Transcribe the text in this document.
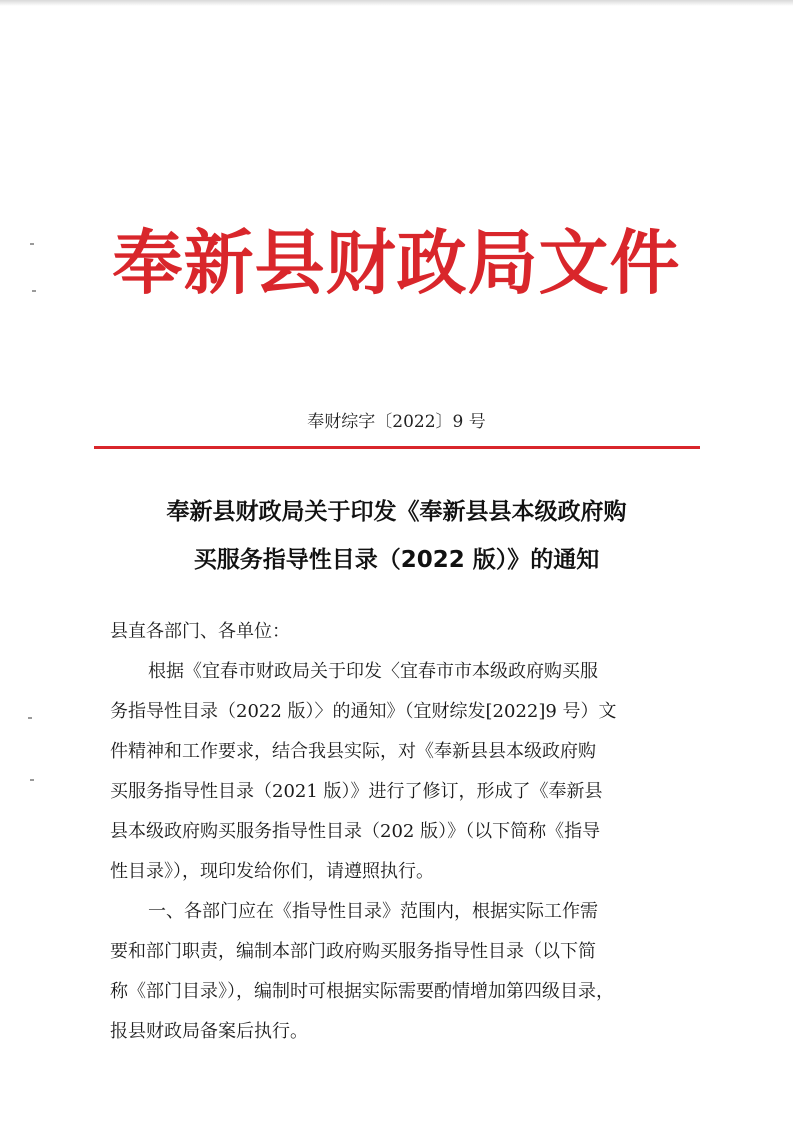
奉新县财政局文件
奉财综字〔2022〕9 号
奉新县财政局关于印发《奉新县县本级政府购
买服务指导性目录（2022 版）》的通知
县直各部门、各单位：
根据《宜春市财政局关于印发〈宜春市市本级政府购买服
务指导性目录（2022 版）〉的通知》（宜财综发[2022]9 号）文
件精神和工作要求，结合我县实际，对《奉新县县本级政府购
买服务指导性目录（2021 版）》进行了修订，形成了《奉新县
县本级政府购买服务指导性目录（202 版）》（以下简称《指导
性目录》），现印发给你们，请遵照执行。
一、各部门应在《指导性目录》范围内，根据实际工作需
要和部门职责，编制本部门政府购买服务指导性目录（以下简
称《部门目录》），编制时可根据实际需要酌情增加第四级目录，
报县财政局备案后执行。
